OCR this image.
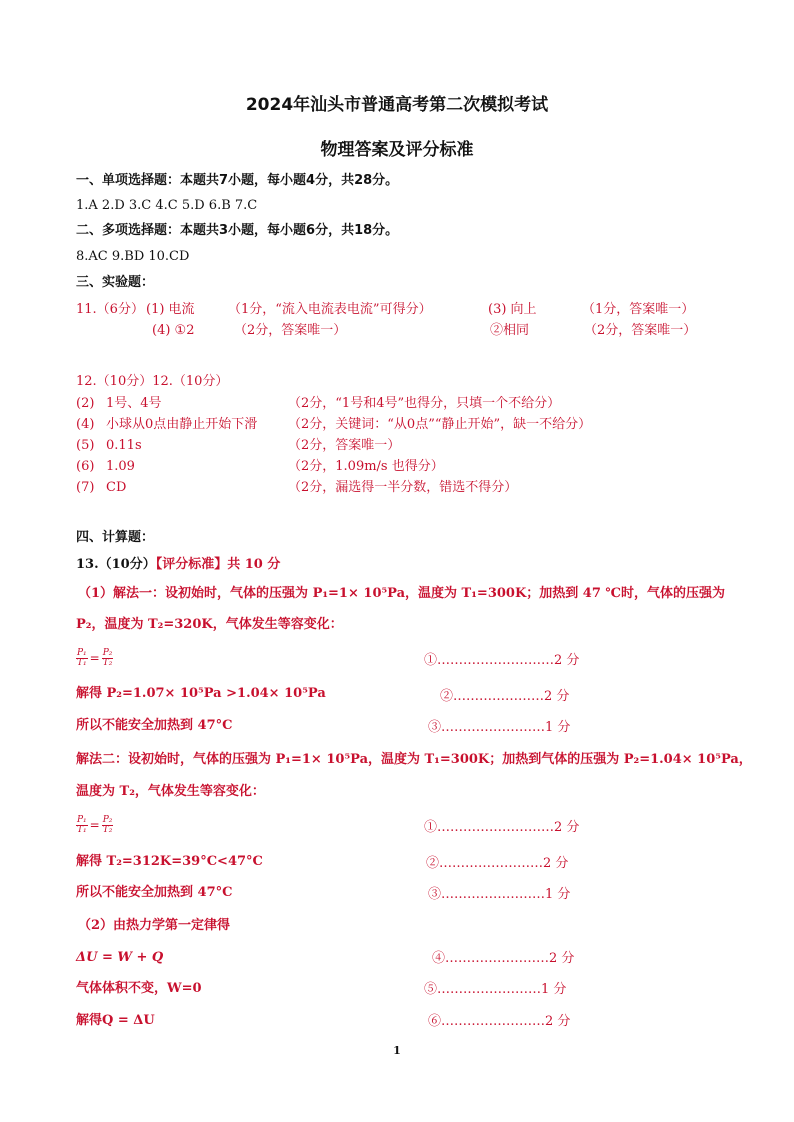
2024年汕头市普通高考第二次模拟考试
物理答案及评分标准
一、单项选择题：本题共7小题，每小题4分，共28分。
1.A 2.D 3.C 4.C 5.D 6.B 7.C
二、多项选择题：本题共3小题，每小题6分，共18分。
8.AC 9.BD 10.CD
三、实验题：
11.（6分） (1) 电流	（1分，“流入电流表电流”可得分）	(3) 向上	（1分，答案唯一）
(4) ①2	（2分，答案唯一）	②相同	（2分，答案唯一）
12.（10分）12.（10分）
(2) 1号、4号	（2分，“1号和4号”也得分，只填一个不给分）
(4) 小球从0点由静止开始下滑 （2分，关键词：“从0点”“静止开始”，缺一不给分）
(5) 0.11s	（2分，答案唯一）
(6) 1.09	（2分，1.09m/s 也得分）
(7) CD	（2分，漏选得一半分数，错选不得分）
四、计算题：
13.（10分）【评分标准】共 10 分
（1）解法一：设初始时，气体的压强为 P₁=1× 10⁵Pa，温度为 T₁=300K；加热到 47 ℃时，气体的压强为
P₂，温度为 T₂=320K，气体发生等容变化：
$\frac{\text{P₁}}{\text{T₁}} = \frac{\text{P₂}}{\text{T₂}}$	①………………………2 分
解得 P₂=1.07× 10⁵Pa >1.04× 10⁵Pa	②…………………2 分
所以不能安全加热到 47°C	③……………………1 分
解法二：设初始时，气体的压强为 P₁=1× 10⁵Pa，温度为 T₁=300K；加热到气体的压强为 P₂=1.04× 10⁵Pa，
温度为 T₂，气体发生等容变化：
$\frac{\text{P₁}}{\text{T₁}} = \frac{\text{P₂}}{\text{T₂}}$	①………………………2 分
解得 T₂=312K=39°C<47°C	②……………………2 分
所以不能安全加热到 47°C	③……………………1 分
（2）由热力学第一定律得
ΔU = W + Q	④……………………2 分
气体体积不变，W=0	⑤……………………1 分
解得Q = ΔU	⑥……………………2 分
1
